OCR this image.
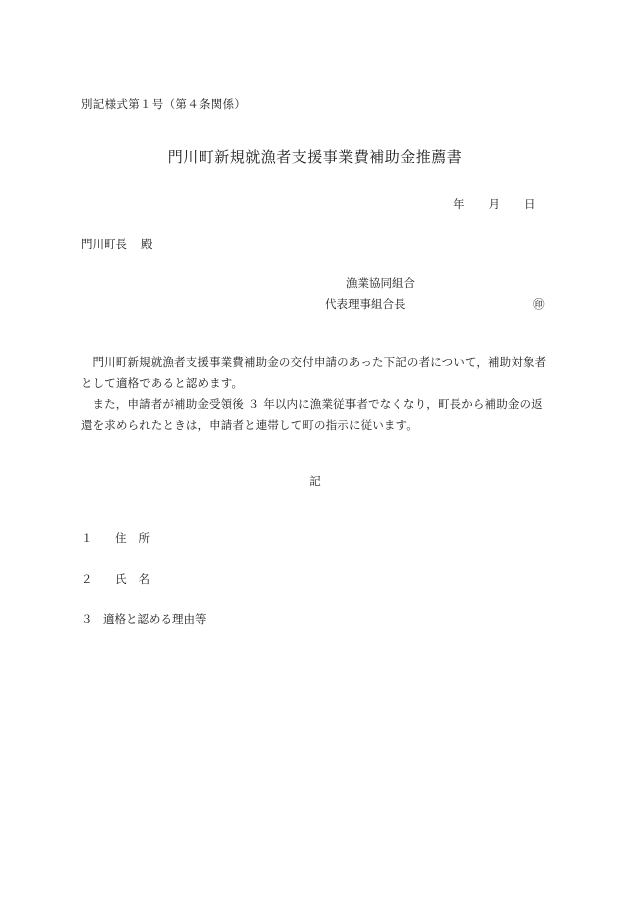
別記様式第１号（第４条関係）
門川町新規就漁者支援事業費補助金推薦書
年 月 日
門川町長 殿
漁業協同組合
代表理事組合長	㊞

門川町新規就漁者支援事業費補助金の交付申請のあった下記の者について，補助対象者として適格であると認めます。

また，申請者が補助金受領後 ３ 年以内に漁業従事者でなくなり，町長から補助金の返還を求められたときは，申請者と連帯して町の指示に従います。

記
１ 住 所
２ 氏 名
３ 適格と認める理由等
